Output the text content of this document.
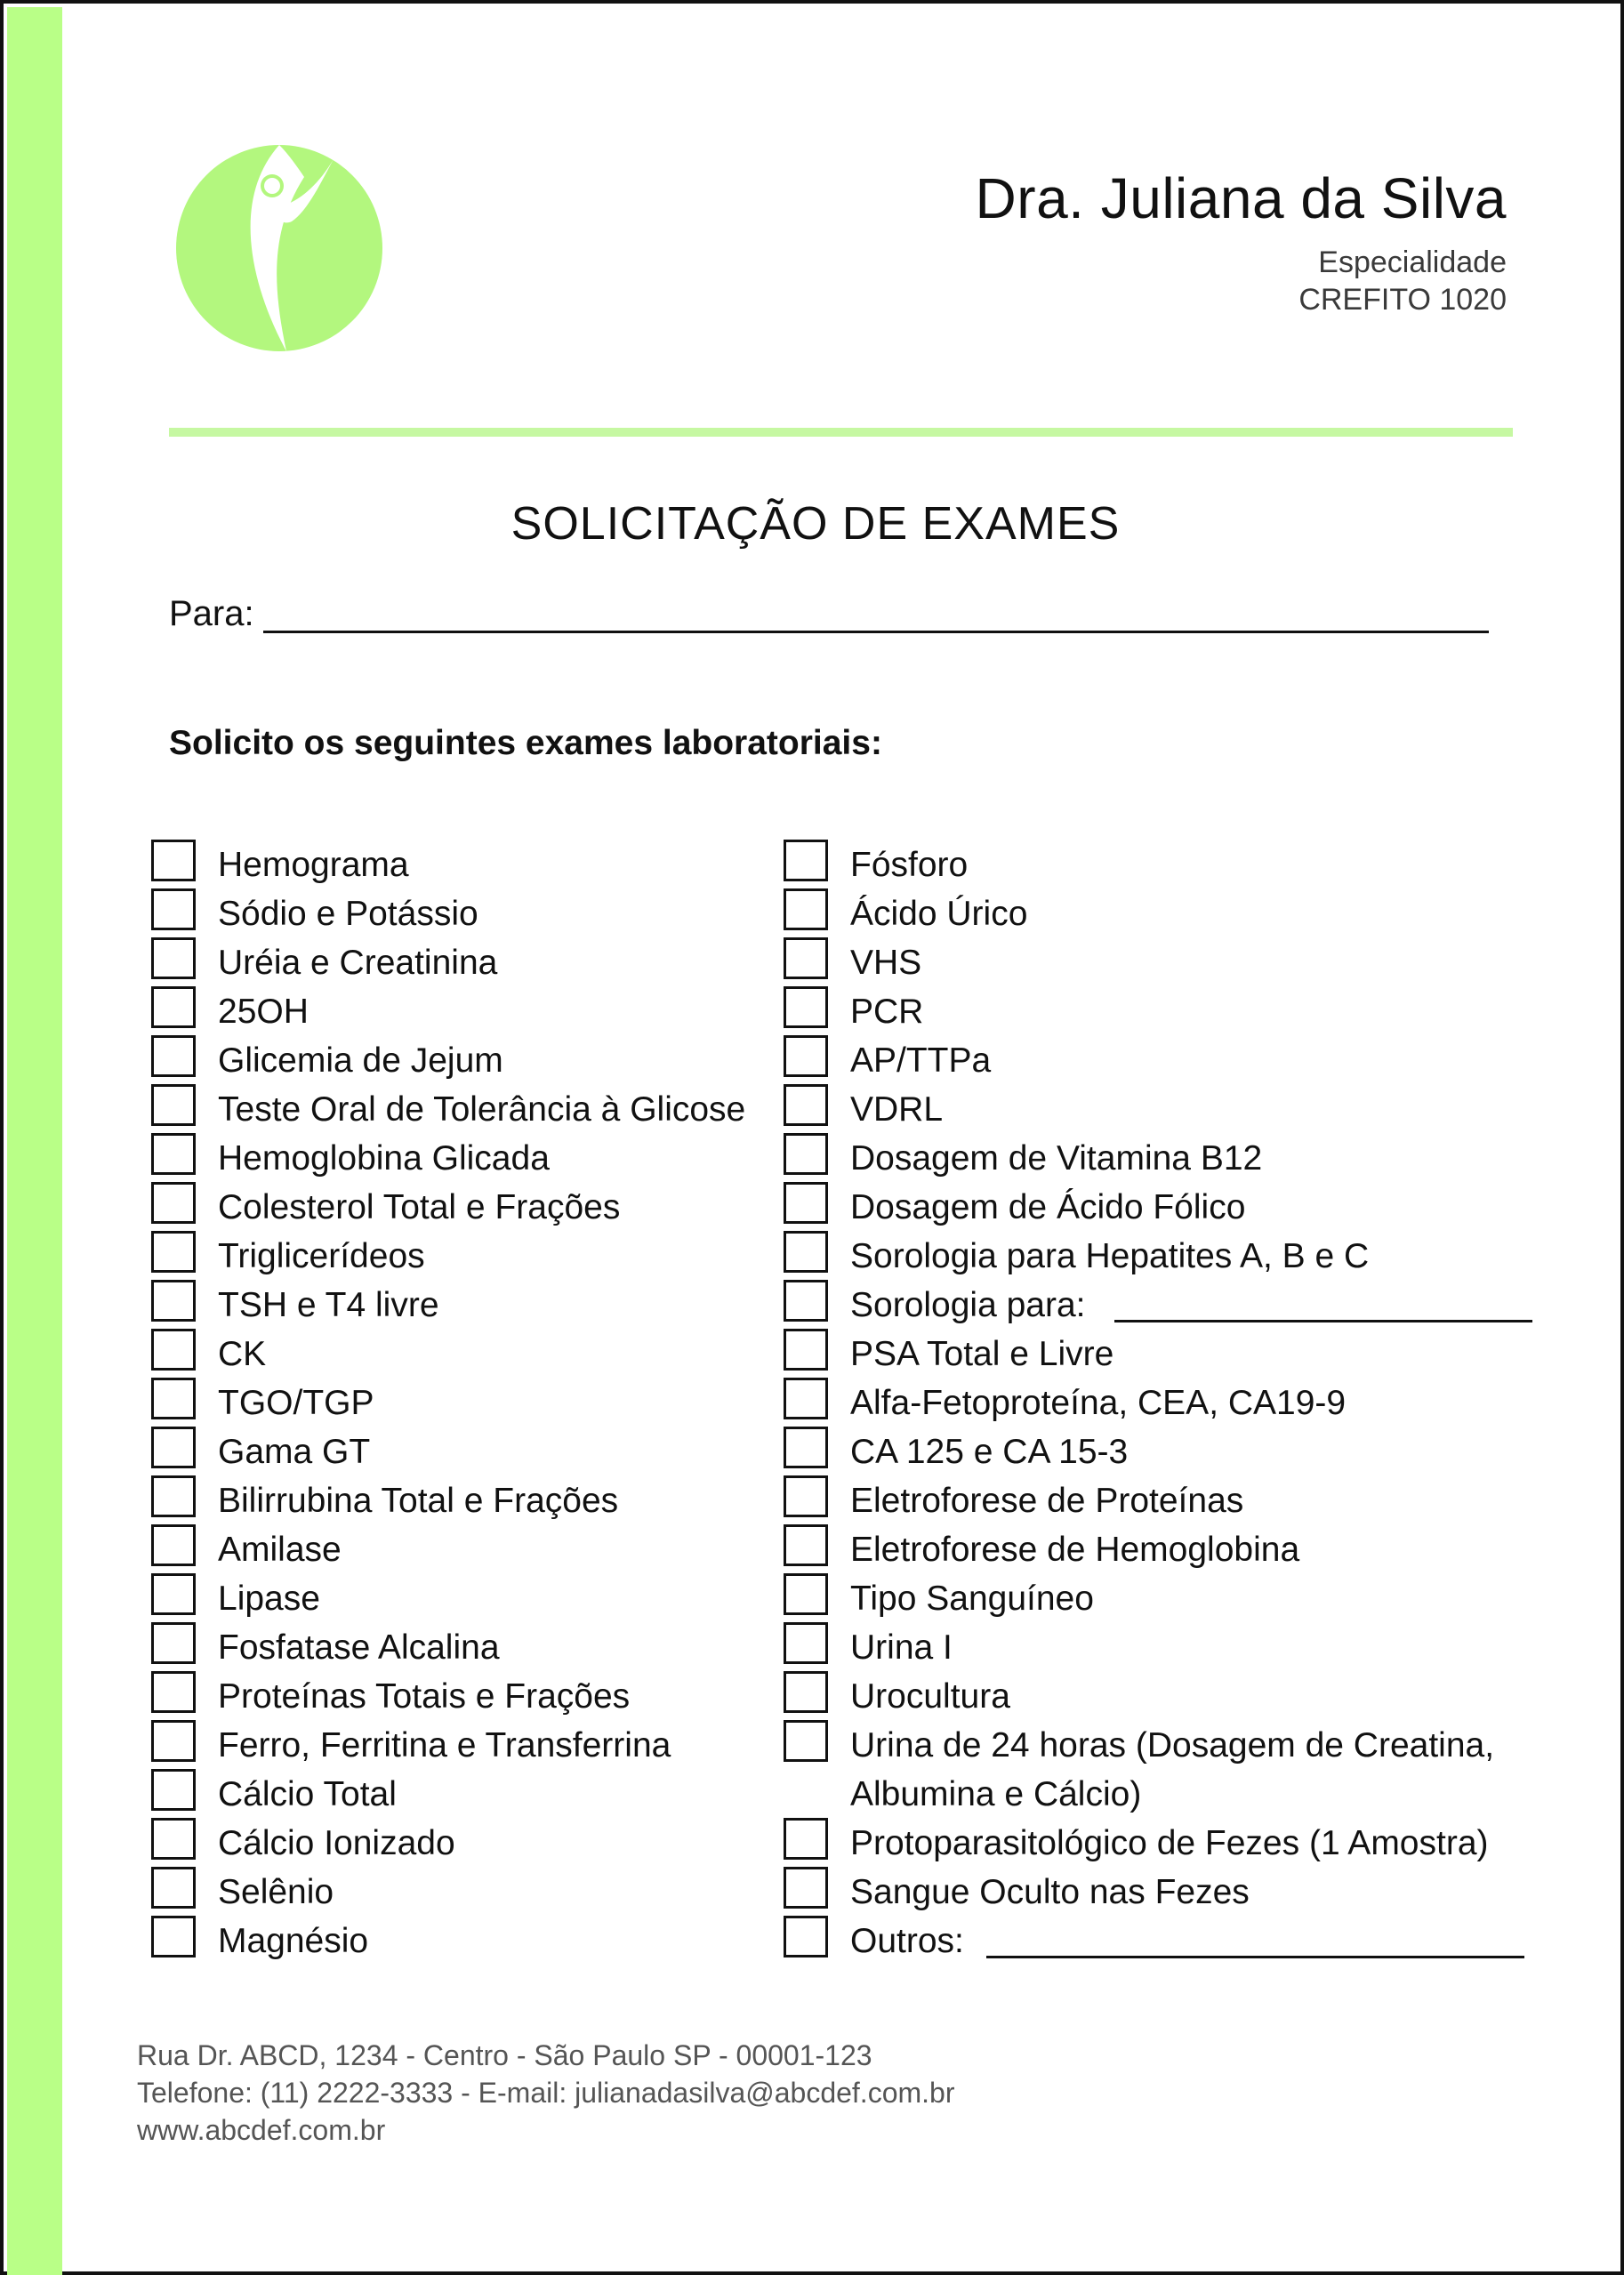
Dra. Juliana da Silva
Especialidade
CREFITO 1020
SOLICITAÇÃO DE EXAMES
Para:
Solicito os seguintes exames laboratoriais:
Hemograma
Sódio e Potássio
Uréia e Creatinina
25OH
Glicemia de Jejum
Teste Oral de Tolerância à Glicose
Hemoglobina Glicada
Colesterol Total e Frações
Triglicerídeos
TSH e T4 livre
CK
TGO/TGP
Gama GT
Bilirrubina Total e Frações
Amilase
Lipase
Fosfatase Alcalina
Proteínas Totais e Frações
Ferro, Ferritina e Transferrina
Cálcio Total
Cálcio Ionizado
Selênio
Magnésio
Fósforo
Ácido Úrico
VHS
PCR
AP/TTPa
VDRL
Dosagem de Vitamina B12
Dosagem de Ácido Fólico
Sorologia para Hepatites A, B e C
Sorologia para:
PSA Total e Livre
Alfa-Fetoproteína, CEA, CA19-9
CA 125 e CA 15-3
Eletroforese de Proteínas
Eletroforese de Hemoglobina
Tipo Sanguíneo
Urina I
Urocultura
Urina de 24 horas (Dosagem de Creatina,
Albumina e Cálcio)
Protoparasitológico de Fezes (1 Amostra)
Sangue Oculto nas Fezes
Outros:
Rua Dr. ABCD, 1234 - Centro - São Paulo SP - 00001-123
Telefone: (11) 2222-3333 - E-mail: julianadasilva@abcdef.com.br
www.abcdef.com.br
